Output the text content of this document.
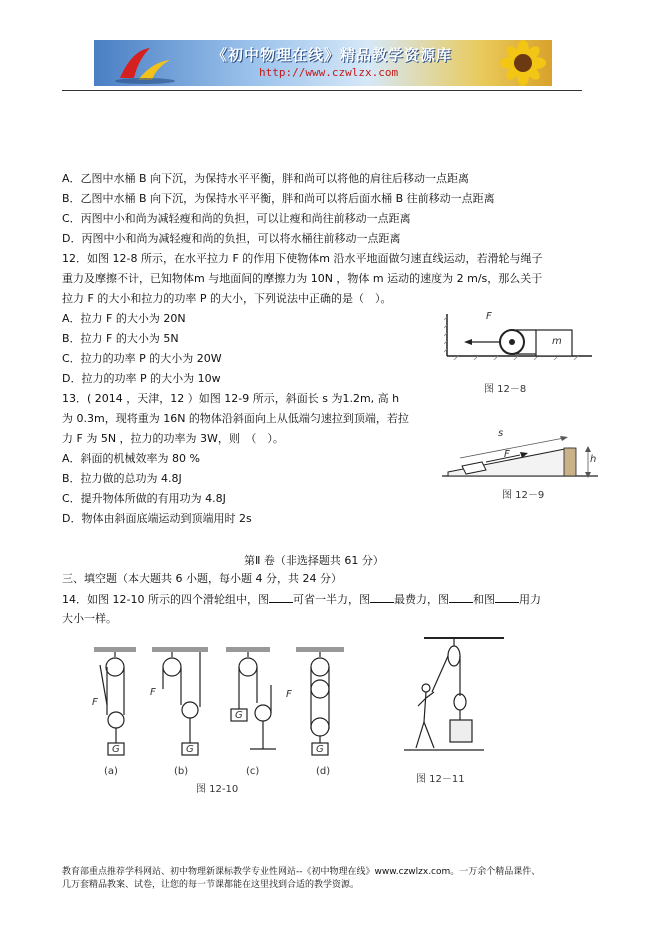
《初中物理在线》精品教学资源库
http://www.czwlzx.com
A．乙图中水桶 B 向下沉，为保持水平平衡，胖和尚可以将他的肩往后移动一点距离
B．乙图中水桶 B 向下沉，为保持水平平衡，胖和尚可以将后面水桶 B 往前移动一点距离
C．丙图中小和尚为减轻瘦和尚的负担，可以让瘦和尚往前移动一点距离
D．丙图中小和尚为减轻瘦和尚的负担，可以将水桶往前移动一点距离
12．如图 12-8 所示，在水平拉力 F 的作用下使物体m 沿水平地面做匀速直线运动，若滑轮与绳子
重力及摩擦不计，已知物体m 与地面间的摩擦力为 10N ，物体 m 运动的速度为 2 m/s，那么关于
拉力 F 的大小和拉力的功率 P 的大小，下列说法中正确的是（　）。
A．拉力 F 的大小为 20N
B．拉力 F 的大小为 5N
C．拉力的功率 P 的大小为 20W
D．拉力的功率 P 的大小为 10w
F
m
图 12－8
13．( 2014 ，天津，12 ）如图 12-9 所示，斜面长 s 为1.2m, 高 h
为 0.3m，现将重为 16N 的物体沿斜面向上从低端匀速拉到顶端，若拉
力 F 为 5N ，拉力的功率为 3W，则　（　）。
A．斜面的机械效率为 80 %
B．拉力做的总功为 4.8J
C．提升物体所做的有用功为 4.8J
D．物体由斜面底端运动到顶端用时 2s
s
F	h
图 12－9
第Ⅱ 卷（非选择题共 61 分）
三、填空题（本大题共 6 小题，每小题 4 分，共 24 分）
14．如图 12-10 所示的四个滑轮组中，图 可省一半力，图 最费力，图 和图 用力
大小一样。
F
F	F
G	G
G
G
(a)	(b)	(c)	(d)
图 12-10
图 12－11
教育部重点推荐学科网站、初中物理新课标教学专业性网站--《初中物理在线》www.czwlzx.com。一万余个精品课件、
几万套精品教案、试卷，让您的每一节课都能在这里找到合适的教学资源。
